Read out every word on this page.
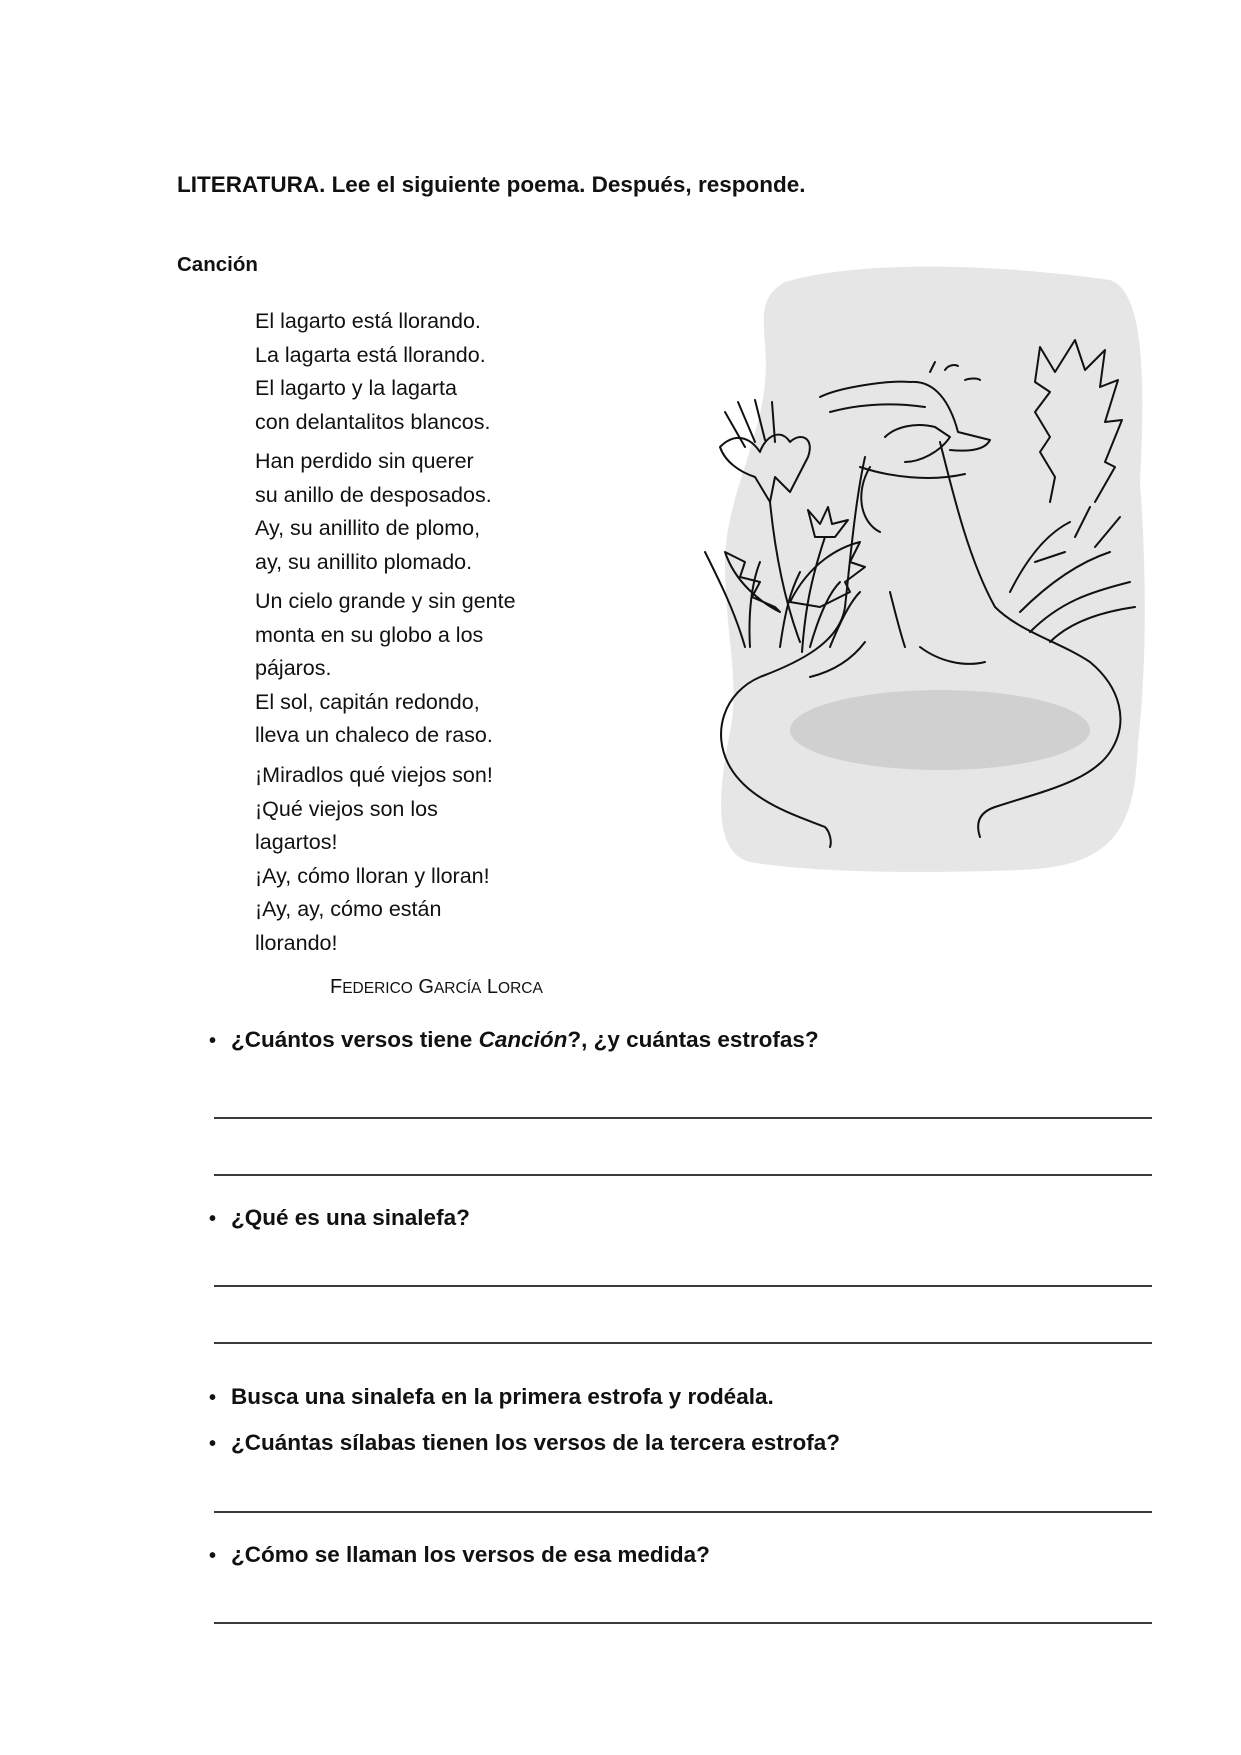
LITERATURA. Lee el siguiente poema. Después, responde.
Canción
El lagarto está llorando.
La lagarta está llorando.
El lagarto y la lagarta
con delantalitos blancos.
Han perdido sin querer
su anillo de desposados.
Ay, su anillito de plomo,
ay, su anillito plomado.
Un cielo grande y sin gente
monta en su globo a los
pájaros.
El sol, capitán redondo,
lleva un chaleco de raso.
¡Miradlos qué viejos son!
¡Qué viejos son los
lagartos!
¡Ay, cómo lloran y lloran!
¡Ay, ay, cómo están
llorando!
FEDERICO GARCÍA LORCA
• ¿Cuántos versos tiene Canción?, ¿y cuántas estrofas?
• ¿Qué es una sinalefa?
• Busca una sinalefa en la primera estrofa y rodéala.
• ¿Cuántas sílabas tienen los versos de la tercera estrofa?
• ¿Cómo se llaman los versos de esa medida?
